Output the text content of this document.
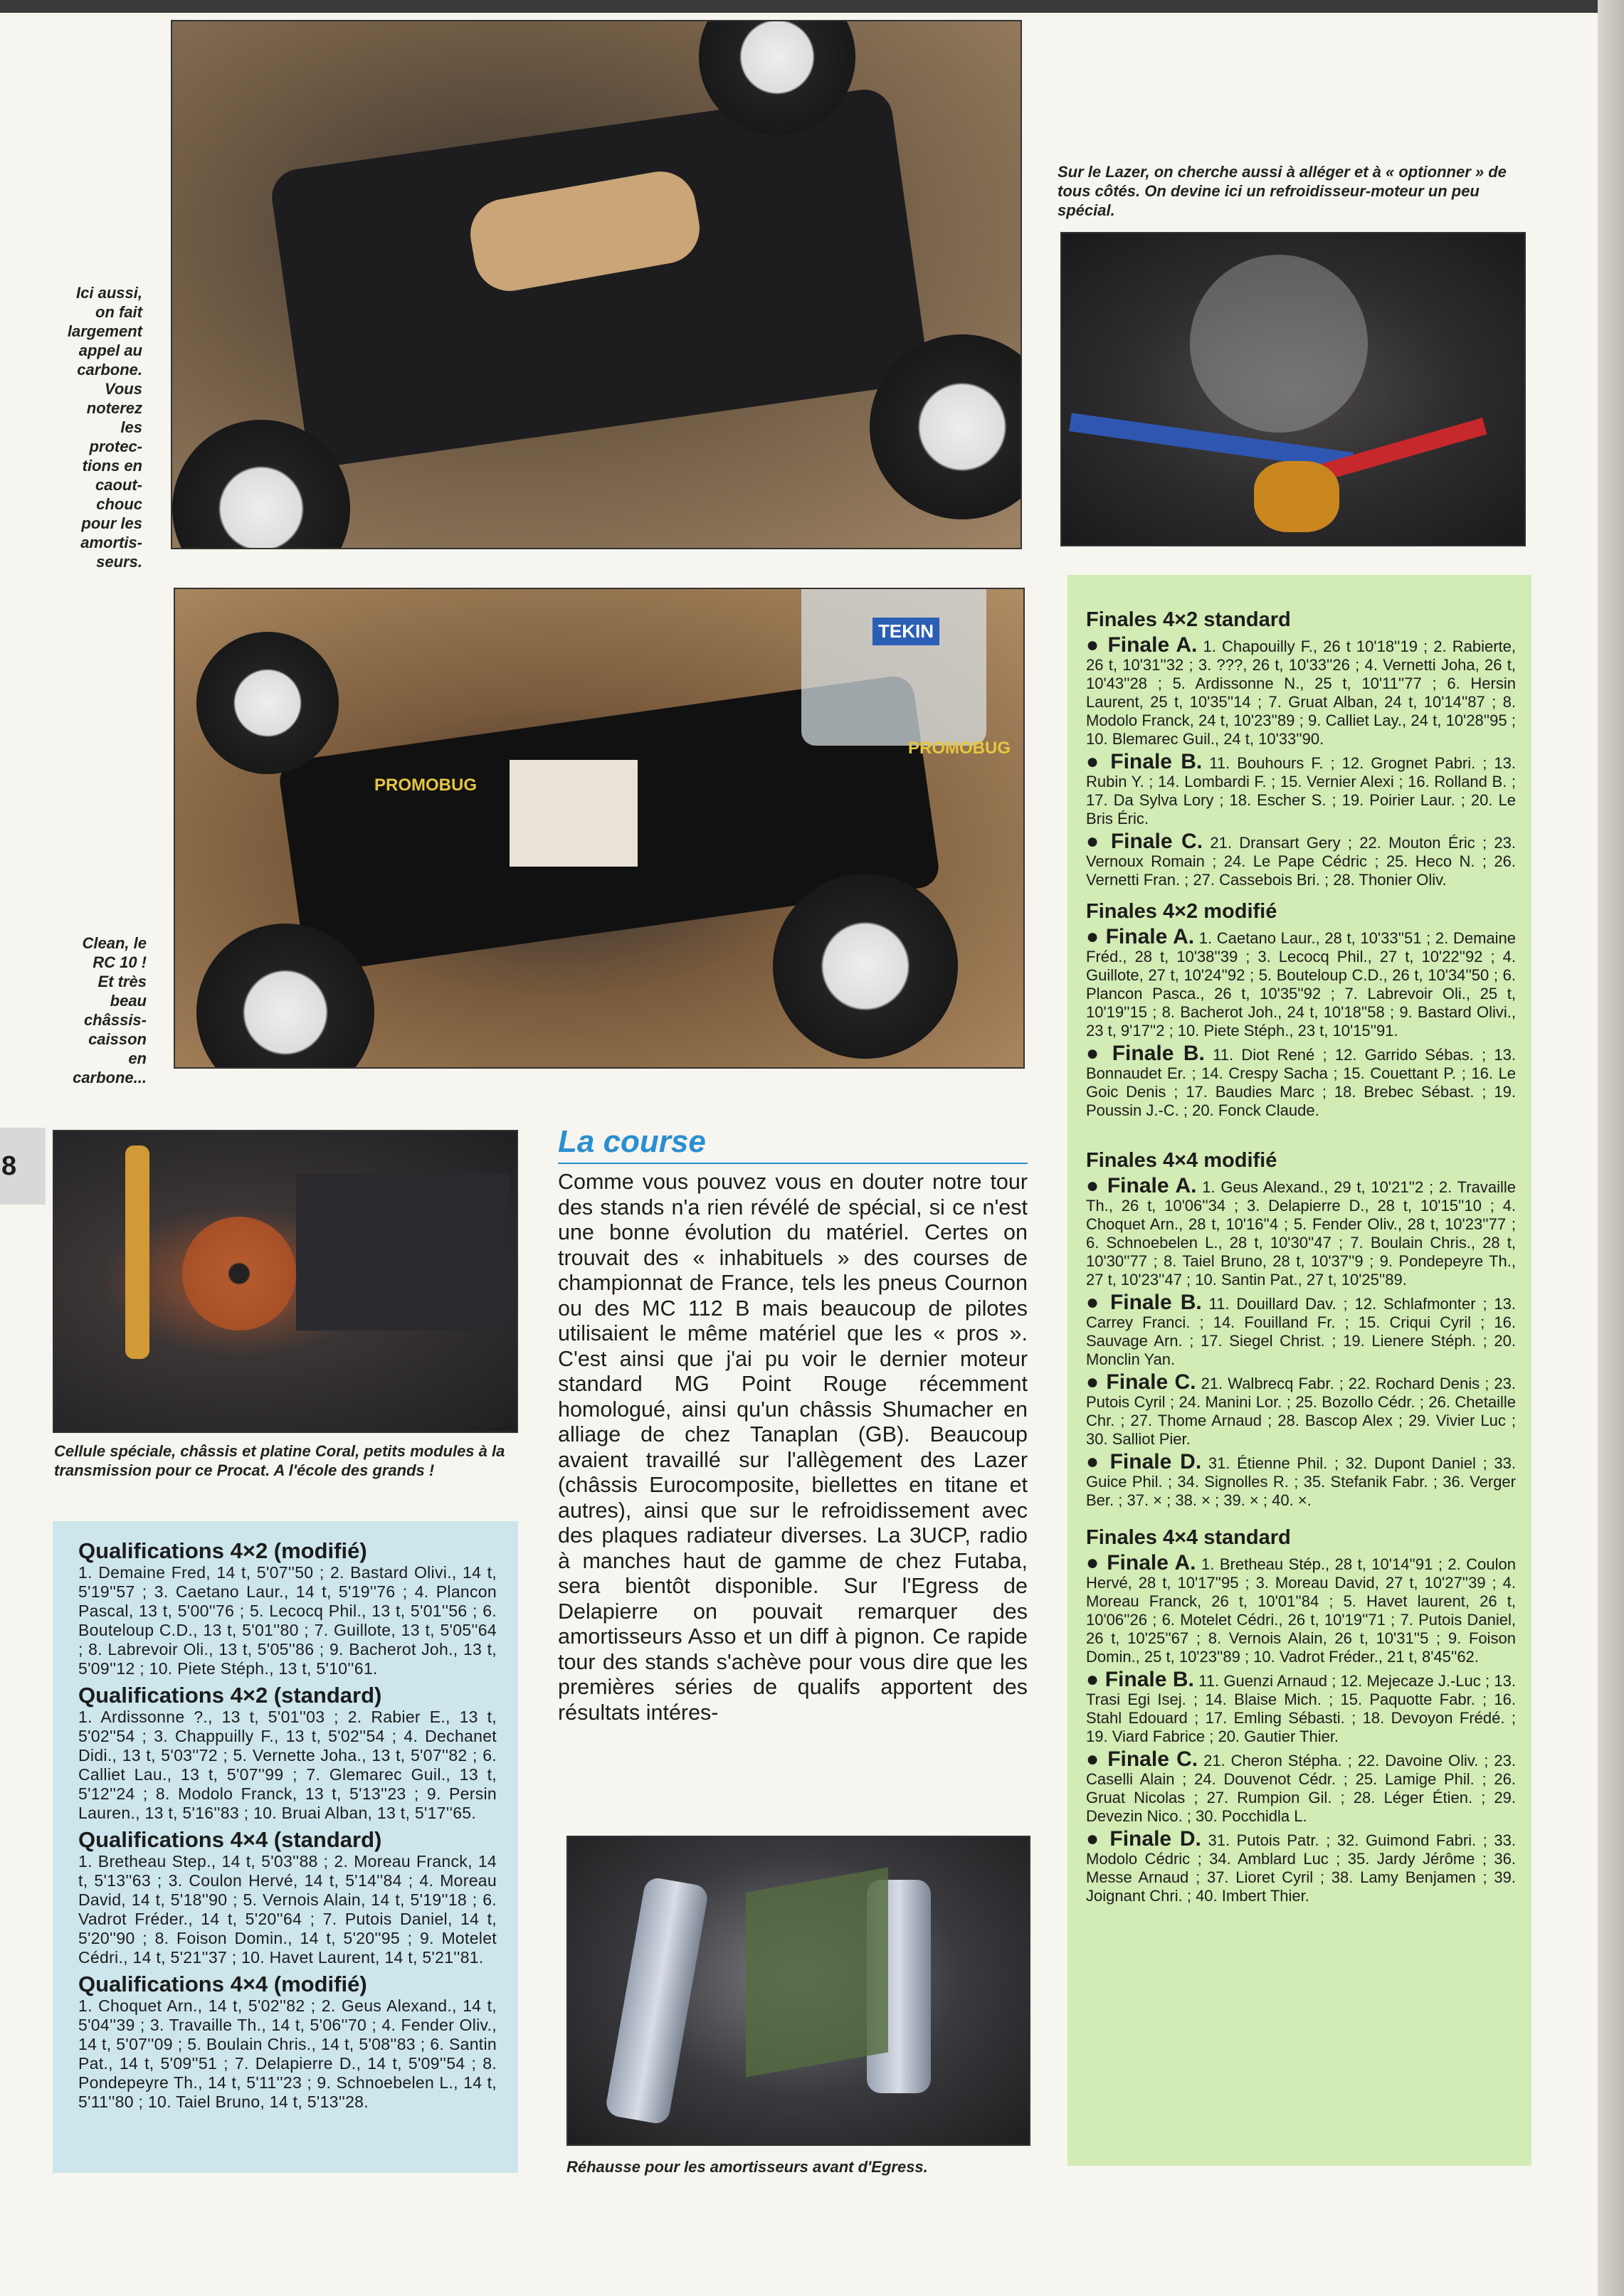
Ici aussi,
on fait
largement
appel au
carbone.
Vous
noterez
les
protec-
tions en
caout-
chouc
pour les
amortis-
seurs.
Sur le Lazer, on cherche aussi à alléger et à « optionner » de tous côtés. On devine ici un refroidisseur-moteur un peu spécial.
PROMOBUG
TEKIN
PROMOBUG
Clean, le
RC 10 !
Et très
beau
châssis-
caisson
en
carbone...
8
Cellule spéciale, châssis et platine Coral, petits modules à la transmission pour ce Procat. A l'école des grands !
Qualifications 4×2 (modifié)
1. Demaine Fred, 14 t, 5'07''50 ; 2. Bastard Olivi., 14 t, 5'19''57 ; 3. Caetano Laur., 14 t, 5'19''76 ; 4. Plancon Pascal, 13 t, 5'00''76 ; 5. Lecocq Phil., 13 t, 5'01''56 ; 6. Bouteloup C.D., 13 t, 5'01''80 ; 7. Guillote, 13 t, 5'05''64 ; 8. Labrevoir Oli., 13 t, 5'05''86 ; 9. Bacherot Joh., 13 t, 5'09''12 ; 10. Piete Stéph., 13 t, 5'10''61.
Qualifications 4×2 (standard)
1. Ardissonne ?., 13 t, 5'01''03 ; 2. Rabier E., 13 t, 5'02''54 ; 3. Chappuilly F., 13 t, 5'02''54 ; 4. Dechanet Didi., 13 t, 5'03''72 ; 5. Vernette Joha., 13 t, 5'07''82 ; 6. Calliet Lau., 13 t, 5'07''99 ; 7. Glemarec Guil., 13 t, 5'12''24 ; 8. Modolo Franck, 13 t, 5'13''23 ; 9. Persin Lauren., 13 t, 5'16''83 ; 10. Bruai Alban, 13 t, 5'17''65.
Qualifications 4×4 (standard)
1. Bretheau Step., 14 t, 5'03''88 ; 2. Moreau Franck, 14 t, 5'13''63 ; 3. Coulon Hervé, 14 t, 5'14''84 ; 4. Moreau David, 14 t, 5'18''90 ; 5. Vernois Alain, 14 t, 5'19''18 ; 6. Vadrot Fréder., 14 t, 5'20''64 ; 7. Putois Daniel, 14 t, 5'20''90 ; 8. Foison Domin., 14 t, 5'20''95 ; 9. Motelet Cédri., 14 t, 5'21''37 ; 10. Havet Laurent, 14 t, 5'21''81.
Qualifications 4×4 (modifié)
1. Choquet Arn., 14 t, 5'02''82 ; 2. Geus Alexand., 14 t, 5'04''39 ; 3. Travaille Th., 14 t, 5'06''70 ; 4. Fender Oliv., 14 t, 5'07''09 ; 5. Boulain Chris., 14 t, 5'08''83 ; 6. Santin Pat., 14 t, 5'09''51 ; 7. Delapierre D., 14 t, 5'09''54 ; 8. Pondepeyre Th., 14 t, 5'11''23 ; 9. Schnoebelen L., 14 t, 5'11''80 ; 10. Taiel Bruno, 14 t, 5'13''28.
La course
Comme vous pouvez vous en douter notre tour des stands n'a rien révélé de spécial, si ce n'est une bonne évolution du matériel. Certes on trouvait des « inhabituels » des courses de championnat de France, tels les pneus Cournon ou des MC 112 B mais beaucoup de pilotes utilisaient le même matériel que les « pros ». C'est ainsi que j'ai pu voir le dernier moteur standard MG Point Rouge récemment homologué, ainsi qu'un châssis Shumacher en alliage de chez Tanaplan (GB). Beaucoup avaient travaillé sur l'allègement des Lazer (châssis Eurocomposite, biellettes en titane et autres), ainsi que sur le refroidissement avec des plaques radiateur diverses. La 3UCP, radio à manches haut de gamme de chez Futaba, sera bientôt disponible. Sur l'Egress de Delapierre on pouvait remarquer des amortisseurs Asso et un diff à pignon. Ce rapide tour des stands s'achève pour vous dire que les premières séries de qualifs apportent des résultats intéres-
Réhausse pour les amortisseurs avant d'Egress.
Finales 4×2 standard
● Finale A. 1. Chapouilly F., 26 t 10'18''19 ; 2. Rabierte, 26 t, 10'31''32 ; 3. ???, 26 t, 10'33''26 ; 4. Vernetti Joha, 26 t, 10'43''28 ; 5. Ardissonne N., 25 t, 10'11''77 ; 6. Hersin Laurent, 25 t, 10'35''14 ; 7. Gruat Alban, 24 t, 10'14''87 ; 8. Modolo Franck, 24 t, 10'23''89 ; 9. Calliet Lay., 24 t, 10'28''95 ; 10. Blemarec Guil., 24 t, 10'33''90.
● Finale B. 11. Bouhours F. ; 12. Grognet Pabri. ; 13. Rubin Y. ; 14. Lombardi F. ; 15. Vernier Alexi ; 16. Rolland B. ; 17. Da Sylva Lory ; 18. Escher S. ; 19. Poirier Laur. ; 20. Le Bris Éric.
● Finale C. 21. Dransart Gery ; 22. Mouton Éric ; 23. Vernoux Romain ; 24. Le Pape Cédric ; 25. Heco N. ; 26. Vernetti Fran. ; 27. Cassebois Bri. ; 28. Thonier Oliv.
Finales 4×2 modifié
● Finale A. 1. Caetano Laur., 28 t, 10'33''51 ; 2. Demaine Fréd., 28 t, 10'38''39 ; 3. Lecocq Phil., 27 t, 10'22''92 ; 4. Guillote, 27 t, 10'24''92 ; 5. Bouteloup C.D., 26 t, 10'34''50 ; 6. Plancon Pasca., 26 t, 10'35''92 ; 7. Labrevoir Oli., 25 t, 10'19''15 ; 8. Bacherot Joh., 24 t, 10'18''58 ; 9. Bastard Olivi., 23 t, 9'17''2 ; 10. Piete Stéph., 23 t, 10'15''91.
● Finale B. 11. Diot René ; 12. Garrido Sébas. ; 13. Bonnaudet Er. ; 14. Crespy Sacha ; 15. Couettant P. ; 16. Le Goic Denis ; 17. Baudies Marc ; 18. Brebec Sébast. ; 19. Poussin J.-C. ; 20. Fonck Claude.
Finales 4×4 modifié
● Finale A. 1. Geus Alexand., 29 t, 10'21''2 ; 2. Travaille Th., 26 t, 10'06''34 ; 3. Delapierre D., 28 t, 10'15''10 ; 4. Choquet Arn., 28 t, 10'16''4 ; 5. Fender Oliv., 28 t, 10'23''77 ; 6. Schnoebelen L., 28 t, 10'30''47 ; 7. Boulain Chris., 28 t, 10'30''77 ; 8. Taiel Bruno, 28 t, 10'37''9 ; 9. Pondepeyre Th., 27 t, 10'23''47 ; 10. Santin Pat., 27 t, 10'25''89.
● Finale B. 11. Douillard Dav. ; 12. Schlafmonter ; 13. Carrey Franci. ; 14. Fouilland Fr. ; 15. Criqui Cyril ; 16. Sauvage Arn. ; 17. Siegel Christ. ; 19. Lienere Stéph. ; 20. Monclin Yan.
● Finale C. 21. Walbrecq Fabr. ; 22. Rochard Denis ; 23. Putois Cyril ; 24. Manini Lor. ; 25. Bozollo Cédr. ; 26. Chetaille Chr. ; 27. Thome Arnaud ; 28. Bascop Alex ; 29. Vivier Luc ; 30. Salliot Pier.
● Finale D. 31. Étienne Phil. ; 32. Dupont Daniel ; 33. Guice Phil. ; 34. Signolles R. ; 35. Stefanik Fabr. ; 36. Verger Ber. ; 37. × ; 38. × ; 39. × ; 40. ×.
Finales 4×4 standard
● Finale A. 1. Bretheau Stép., 28 t, 10'14''91 ; 2. Coulon Hervé, 28 t, 10'17''95 ; 3. Moreau David, 27 t, 10'27''39 ; 4. Moreau Franck, 26 t, 10'01''84 ; 5. Havet laurent, 26 t, 10'06''26 ; 6. Motelet Cédri., 26 t, 10'19''71 ; 7. Putois Daniel, 26 t, 10'25''67 ; 8. Vernois Alain, 26 t, 10'31''5 ; 9. Foison Domin., 25 t, 10'23''89 ; 10. Vadrot Fréder., 21 t, 8'45''62.
● Finale B. 11. Guenzi Arnaud ; 12. Mejecaze J.-Luc ; 13. Trasi Egi Isej. ; 14. Blaise Mich. ; 15. Paquotte Fabr. ; 16. Stahl Edouard ; 17. Emling Sébasti. ; 18. Devoyon Frédé. ; 19. Viard Fabrice ; 20. Gautier Thier.
● Finale C. 21. Cheron Stépha. ; 22. Davoine Oliv. ; 23. Caselli Alain ; 24. Douvenot Cédr. ; 25. Lamige Phil. ; 26. Gruat Nicolas ; 27. Rumpion Gil. ; 28. Léger Étien. ; 29. Devezin Nico. ; 30. Pocchidla L.
● Finale D. 31. Putois Patr. ; 32. Guimond Fabri. ; 33. Modolo Cédric ; 34. Amblard Luc ; 35. Jardy Jérôme ; 36. Messe Arnaud ; 37. Lioret Cyril ; 38. Lamy Benjamen ; 39. Joignant Chri. ; 40. Imbert Thier.
